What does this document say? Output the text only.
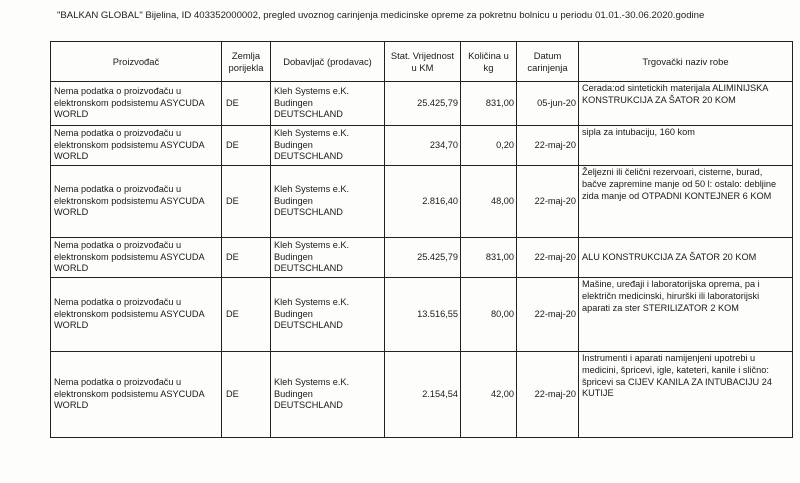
"BALKAN GLOBAL" Bijelina, ID 403352000002, pregled uvoznog carinjenja medicinske opreme za pokretnu bolnicu u periodu 01.01.-30.06.2020.godine
Proizvođač	Zemlja porijekla	Dobavljač (prodavac)	Stat. Vrijednost u KM	Količina u kg	Datum carinjenja	Trgovački naziv robe
Nema podatka o proizvođaču u elektronskom podsistemu ASYCUDA WORLD	DE	Kleh Systems e.K. Budingen DEUTSCHLAND	25.425,79	831,00	05-jun-20	Cerada:od sintetickih materijala ALIMINIJSKA KONSTRUKCIJA ZA ŠATOR 20 KOM

Nema podatka o proizvođaču u elektronskom podsistemu ASYCUDA WORLD	DE	Kleh Systems e.K. Budingen DEUTSCHLAND	234,70	0,20	22-maj-20	sipla za intubaciju, 160 kom

Nema podatka o proizvođaču u elektronskom podsistemu ASYCUDA WORLD	DE	Kleh Systems e.K. Budingen DEUTSCHLAND	2.816,40	48,00	22-maj-20	Željezni ili čelični rezervoari, cisterne, burad, bačve zapremine manje od 50 l: ostalo: debljine zida manje od OTPADNI KONTEJNER 6 KOM

Nema podatka o proizvođaču u elektronskom podsistemu ASYCUDA WORLD	DE	Kleh Systems e.K. Budingen DEUTSCHLAND	25.425,79	831,00	22-maj-20	ALU KONSTRUKCIJA ZA ŠATOR 20 KOM

Nema podatka o proizvođaču u elektronskom podsistemu ASYCUDA WORLD	DE	Kleh Systems e.K. Budingen DEUTSCHLAND	13.516,55	80,00	22-maj-20	Mašine, uređaji i laboratorijska oprema, pa i električn medicinski, hirurški ili laboratorijski aparati za ster STERILIZATOR 2 KOM

Nema podatka o proizvođaču u elektronskom podsistemu ASYCUDA WORLD	DE	Kleh Systems e.K. Budingen DEUTSCHLAND	2.154,54	42,00	22-maj-20	Instrumenti i aparati namijenjeni upotrebi u medicini, špricevi, igle, kateteri, kanile i slično: špricevi sa CIJEV KANILA ZA INTUBACIJU 24 KUTIJE
